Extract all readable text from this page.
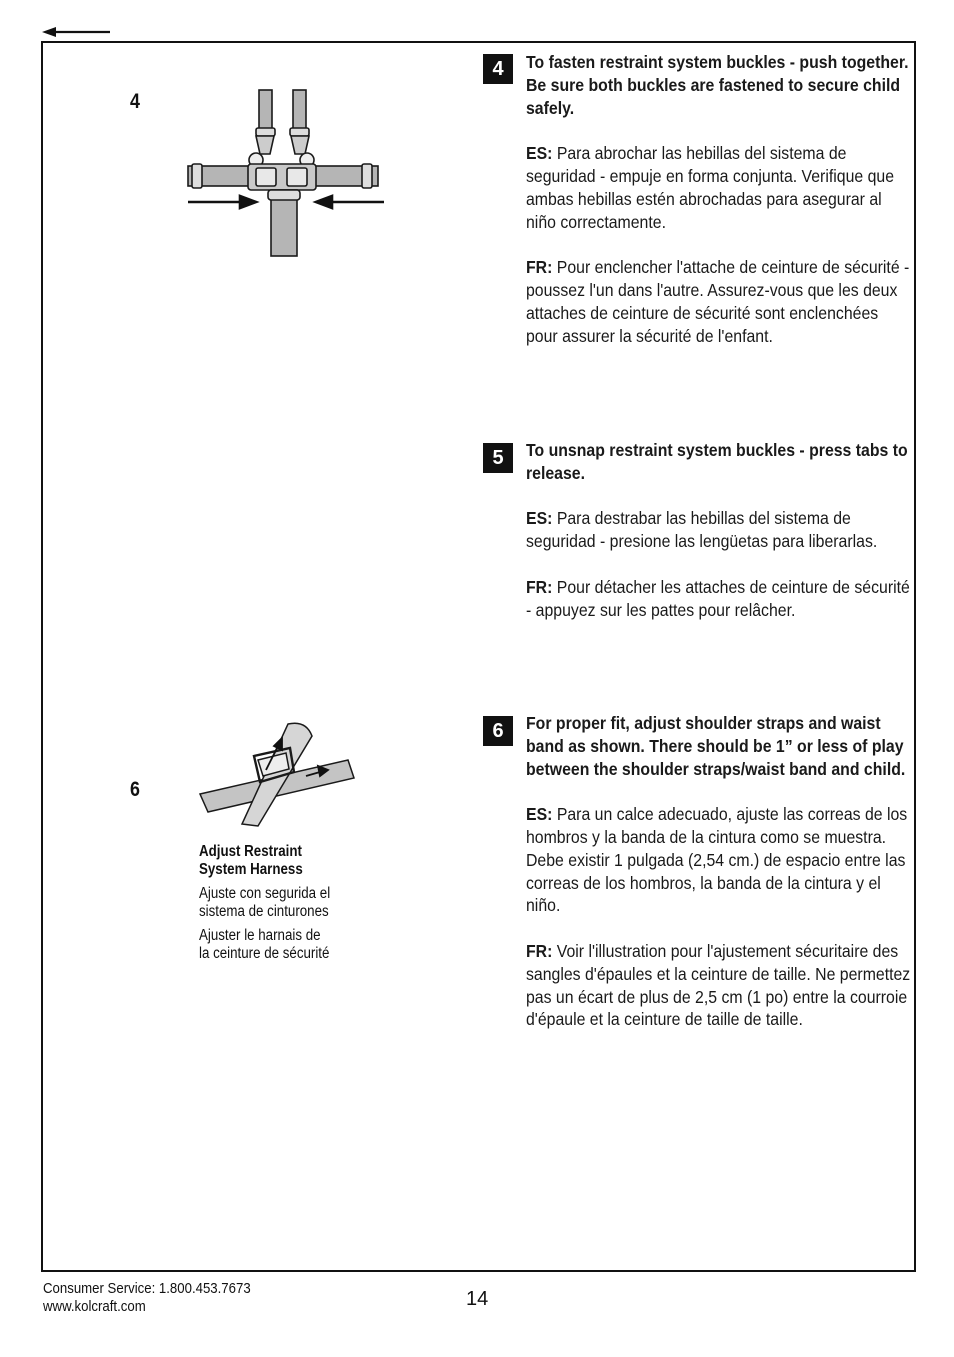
4
6
Adjust Restraint
System Harness
Ajuste con segurida el
sistema de cinturones
Ajuster le harnais de
la ceinture de sécurité
4	To fasten restraint system buckles - push together. Be sure both buckles are fastened to secure child safely.

ES: Para abrochar las hebillas del sistema de seguridad - empuje en forma conjunta. Verifique que ambas hebillas estén abrochadas para asegurar al niño correctamente.

FR: Pour enclencher l'attache de ceinture de sécurité - poussez l'un dans l'autre. Assurez-vous que les deux attaches de ceinture de sécurité sont enclenchées pour assurer la sécurité de l'enfant.

5	To unsnap restraint system buckles - press tabs to release.

ES: Para destrabar las hebillas del sistema de seguridad - presione las lengüetas para liberarlas.

FR: Pour détacher les attaches de ceinture de sécurité - appuyez sur les pattes pour relâcher.

6	For proper fit, adjust shoulder straps and waist band as shown. There should be 1” or less of play between the shoulder straps/waist band and child.

ES: Para un calce adecuado, ajuste las correas de los hombros y la banda de la cintura como se muestra. Debe existir 1 pulgada (2,54 cm.) de espacio entre las correas de los hombros, la banda de la cintura y el niño.

FR: Voir l'illustration pour l'ajustement sécuritaire des sangles d'épaules et la ceinture de taille. Ne permettez pas un écart de plus de 2,5 cm (1 po) entre la courroie d'épaule et la ceinture de taille de taille.

Consumer Service: 1.800.453.7673
www.kolcraft.com	14
